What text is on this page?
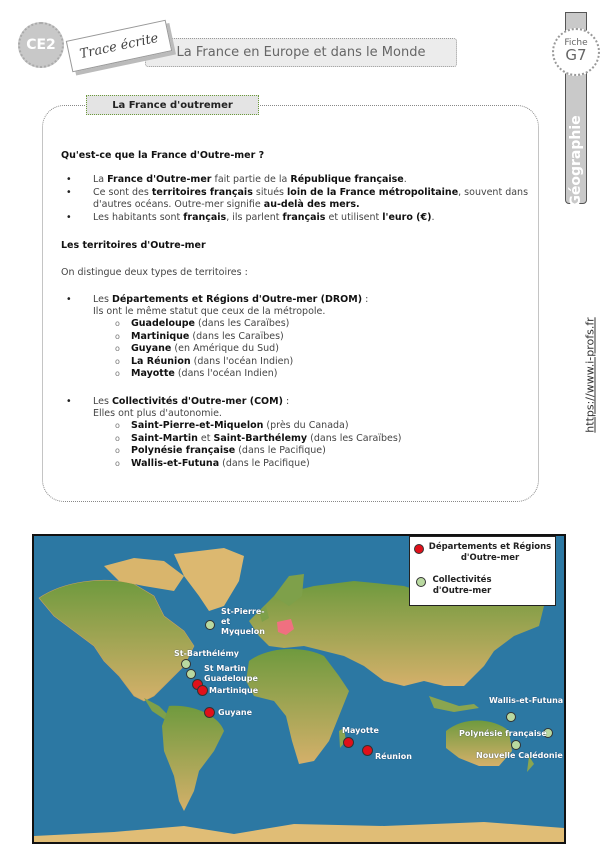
CE2	La France en Europe et dans le Monde
Trace écrite
Géographie
Fiche
G7
La France d'outremer
Qu'est-ce que la France d'Outre-mer ?
• La France d'Outre-mer fait partie de la République française.
• Ce sont des territoires français situés loin de la France métropolitaine, souvent dans
d'autres océans. Outre-mer signifie au-delà des mers.
• Les habitants sont français, ils parlent français et utilisent l'euro (€).
Les territoires d'Outre-mer
On distingue deux types de territoires :
• Les Départements et Régions d'Outre-mer (DROM) :
Ils ont le même statut que ceux de la métropole.
o Guadeloupe (dans les Caraïbes)
o Martinique (dans les Caraïbes)
o Guyane (en Amérique du Sud)
o La Réunion (dans l'océan Indien)
o Mayotte (dans l'océan Indien)
• Les Collectivités d'Outre-mer (COM) :
Elles ont plus d'autonomie.
o Saint-Pierre-et-Miquelon (près du Canada)
o Saint-Martin et Saint-Barthélemy (dans les Caraïbes)
o Polynésie française (dans le Pacifique)
o Wallis-et-Futuna (dans le Pacifique)
https://www.i-profs.fr
Départements et Régions d'Outre-mer
Collectivités d'Outre-mer
St-Pierre-et Myquelon
St-Barthélémy
St Martin
Guadeloupe
Martinique
Guyane
Mayotte
Réunion
Wallis-et-Futuna
Polynésie française
Nouvelle Calédonie
